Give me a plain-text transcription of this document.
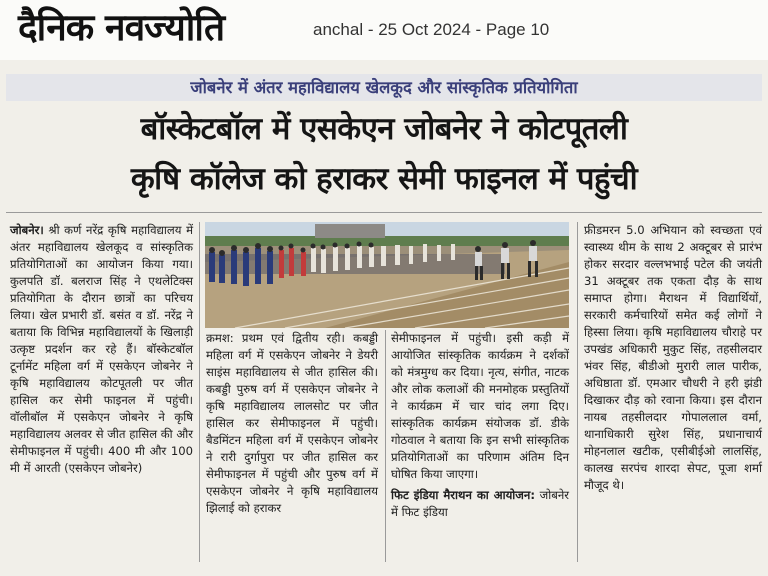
दैनिक नवज्योति	anchal - 25 Oct 2024 - Page 10
जोबनेर में अंतर महाविद्यालय खेलकूद और सांस्कृतिक प्रतियोगिता
बॉस्केटबॉल में एसकेएन जोबनेर ने कोटपूतली
कृषि कॉलेज को हराकर सेमी फाइनल में पहुंची
जोबनेर। श्री कर्ण नरेंद्र कृषि महाविद्यालय में अंतर महाविद्यालय खेलकूद व सांस्कृतिक प्रतियोगिताओं का आयोजन किया गया। कुलपति डॉ. बलराज सिंह ने एथलेटिक्स प्रतियोगिता के दौरान छात्रों का परिचय लिया। खेल प्रभारी डॉ. बसंत व डॉ. नरेंद्र ने बताया कि विभिन्न महाविद्यालयों के खिलाड़ी उत्कृष्ट प्रदर्शन कर रहे हैं। बॉस्केटबॉल टूर्नामेंट महिला वर्ग में एसकेएन जोबनेर ने कृषि महाविद्यालय कोटपूतली पर जीत हासिल कर सेमी फाइनल में पहुंची। वॉलीबॉल में एसकेएन जोबनेर ने कृषि महाविद्यालय अलवर से जीत हासिल की और सेमीफाइनल में पहुंची। 400 मी और 100 मी में आरती (एसकेएन जोबनेर)
क्रमश: प्रथम एवं द्वितीय रही। कबड्डी महिला वर्ग में एसकेएन जोबनेर ने डेयरी साइंस महाविद्यालय से जीत हासिल की। कबड्डी पुरुष वर्ग में एसकेएन जोबनेर ने कृषि महाविद्यालय लालसोट पर जीत हासिल कर सेमीफाइनल में पहुंची। बैडमिंटन महिला वर्ग में एसकेएन जोबनेर ने रारी दुर्गापुरा पर जीत हासिल कर सेमीफाइनल में पहुंची और पुरुष वर्ग में एसकेएन जोबनेर ने कृषि महाविद्यालय झिलाई को हराकर
सेमीफाइनल में पहुंची। इसी कड़ी में आयोजित सांस्कृतिक कार्यक्रम ने दर्शकों को मंत्रमुग्ध कर दिया। नृत्य, संगीत, नाटक और लोक कलाओं की मनमोहक प्रस्तुतियों ने कार्यक्रम में चार चांद लगा दिए। सांस्कृतिक कार्यक्रम संयोजक डॉ. डीके गोठवाल ने बताया कि इन सभी सांस्कृतिक प्रतियोगिताओं का परिणाम अंतिम दिन घोषित किया जाएगा।
फिट इंडिया मैराथन का आयोजन: जोबनेर में फिट इंडिया
फ्रीडमरन 5.0 अभियान को स्वच्छता एवं स्वास्थ्य थीम के साथ 2 अक्टूबर से प्रारंभ होकर सरदार वल्लभभाई पटेल की जयंती 31 अक्टूबर तक एकता दौड़ के साथ समाप्त होगा। मैराथन में विद्यार्थियों, सरकारी कर्मचारियों समेत कई लोगों ने हिस्सा लिया। कृषि महाविद्यालय चौराहे पर उपखंड अधिकारी मुकुट सिंह, तहसीलदार भंवर सिंह, बीडीओ मुरारी लाल पारीक, अधिष्ठाता डॉ. एमआर चौधरी ने हरी झंडी दिखाकर दौड़ को रवाना किया। इस दौरान नायब तहसीलदार गोपाललाल वर्मा, थानाधिकारी सुरेश सिंह, प्रधानाचार्य मोहनलाल खटीक, एसीबीईओ लालसिंह, कालख सरपंच शारदा सेपट, पूजा शर्मा मौजूद थे।
